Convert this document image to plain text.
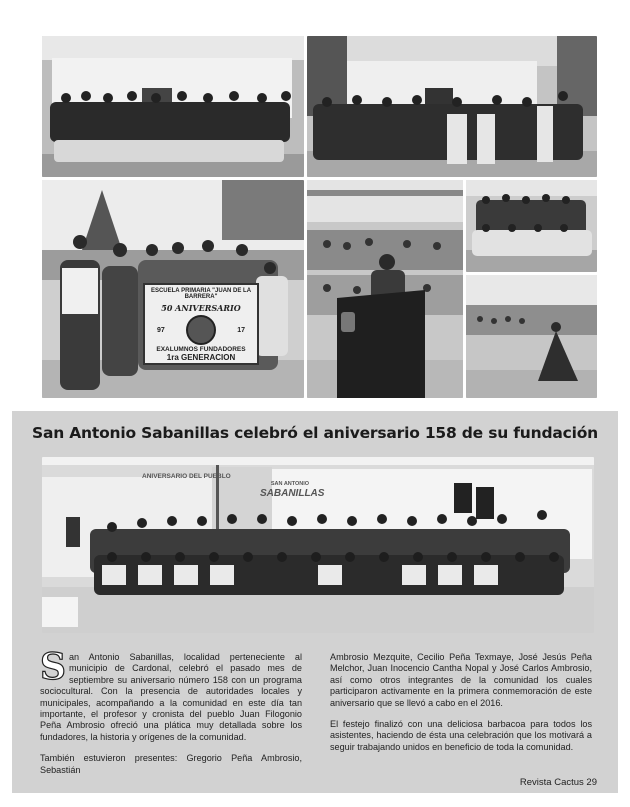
ESCUELA PRIMARIA "JUAN DE LA BARRERA"
50 ANIVERSARIO
97	17
EXALUMNOS FUNDADORES
1ra GENERACION
San Antonio Sabanillas celebró el aniversario 158 de su fundación
ANIVERSARIO DEL PUEBLO
SAN ANTONIO
SABANILLAS

San Antonio Sabanillas, localidad perteneciente al municipio de Cardonal, celebró el pasado mes de septiembre su aniversario número 158 con un programa sociocultural. Con la presencia de autoridades locales y municipales, acompañando a la comunidad en este día tan importante, el profesor y cronista del pueblo Juan Filogonio Peña Ambrosio ofreció una plática muy detallada sobre los fundadores, la historia y orígenes de la comunidad.

También estuvieron presentes: Gregorio Peña Ambrosio, Sebastián

Ambrosio Mezquite, Cecilio Peña Texmaye, José Jesús Peña Melchor, Juan Inocencio Cantha Nopal y José Carlos Ambrosio, así como otros integrantes de la comunidad los cuales participaron activamente en la primera conmemoración de este aniversario que se llevó a cabo en el 2016.

El festejo finalizó con una deliciosa barbacoa para todos los asistentes, haciendo de ésta una celebración que los motivará a seguir trabajando unidos en beneficio de toda la comunidad.

Revista Cactus 29
